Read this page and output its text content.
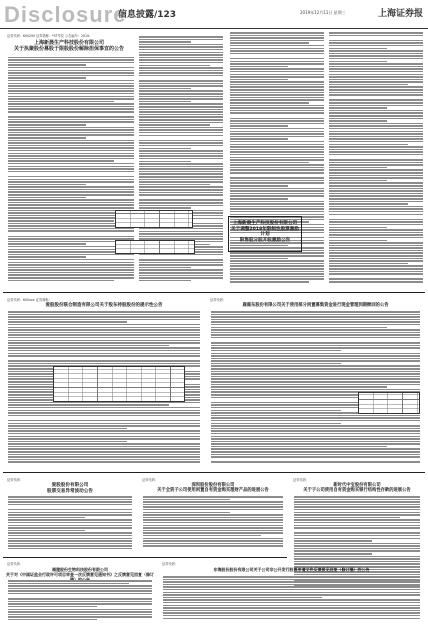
Disclosure
信息披露/123	2019年12月11日 星期三	上海证券报
证券代码：600290 证券简称：*ST华仪 公告编号：2019-
上海新晨生产科技股份有限公司
关于执聚股份募股于限股股份解除担保事宜的公告
上海新晨生产科技股份有限公司
关于调整2018年限制性股票激励计划
限售股分股开股激励公告
证券代码：600xxx 证券简称：
爱股股份联合制造有限公司关于股东持股股份的提示性公告
证券代码：
鹿鹿东股份有限公司关于使用部分闲置募集资金进行现金管理到期赎回的公告
证券代码：
爱股股份有限公司
股票交易异常波动公告
证券代码：
深圳股份股份有限公司
关于全资子公司使用闲置自有资金购买理财产品的进展公告
证券代码：
新时代中宝股份有限公司
关于子公司使用自有资金购买银行结构性存款的进展公告
证券代码：
福建股份生物科技股份有限公司
关于对《中国证监会行政许可项目审查一次反馈意见通知书》之反馈意见回复（修订
证券代码：
东海股份股份有限公司关于公司非公开发行股票申请文件反馈意见回复（修订稿）的公告
